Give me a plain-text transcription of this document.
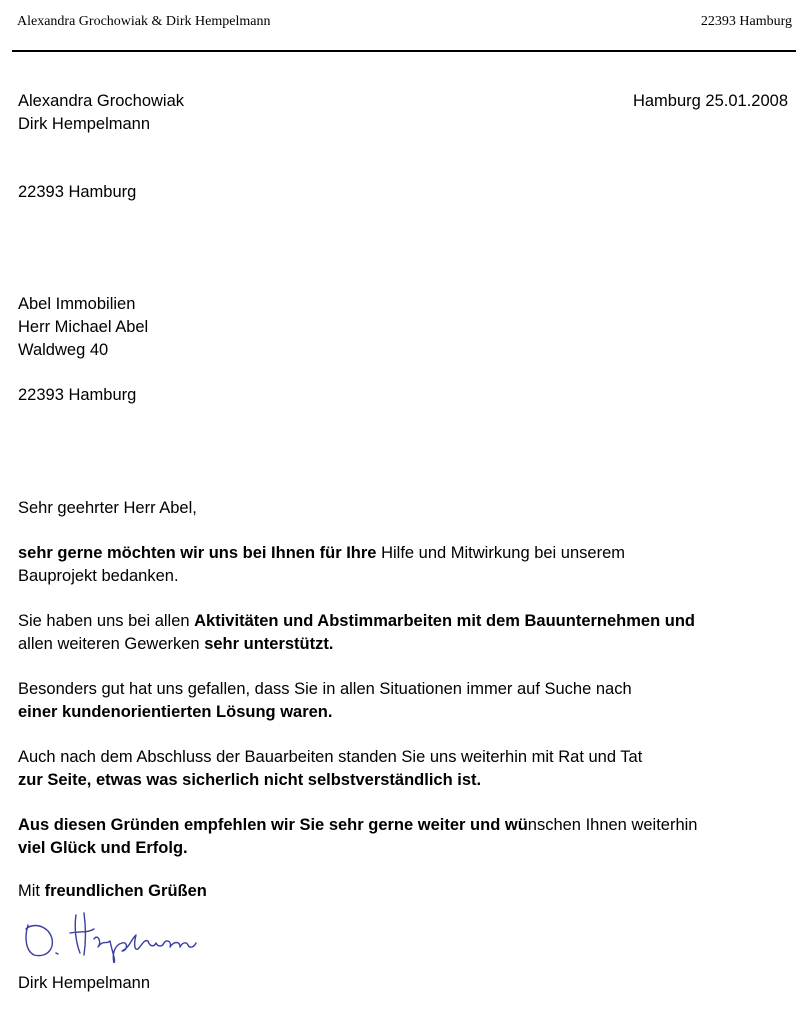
Alexandra Grochowiak & Dirk Hempelmann	22393 Hamburg
Alexandra Grochowiak
Dirk Hempelmann
Hamburg 25.01.2008
22393 Hamburg
Abel Immobilien
Herr Michael Abel
Waldweg 40
22393 Hamburg
Sehr geehrter Herr Abel,
sehr gerne möchten wir uns bei Ihnen für Ihre Hilfe und Mitwirkung bei unserem
Bauprojekt bedanken.
Sie haben uns bei allen Aktivitäten und Abstimmarbeiten mit dem Bauunternehmen und
allen weiteren Gewerken sehr unterstützt.
Besonders gut hat uns gefallen, dass Sie in allen Situationen immer auf Suche nach
einer kundenorientierten Lösung waren.
Auch nach dem Abschluss der Bauarbeiten standen Sie uns weiterhin mit Rat und Tat
zur Seite, etwas was sicherlich nicht selbstverständlich ist.
Aus diesen Gründen empfehlen wir Sie sehr gerne weiter und wünschen Ihnen weiterhin
viel Glück und Erfolg.
Mit freundlichen Grüßen
Dirk Hempelmann
